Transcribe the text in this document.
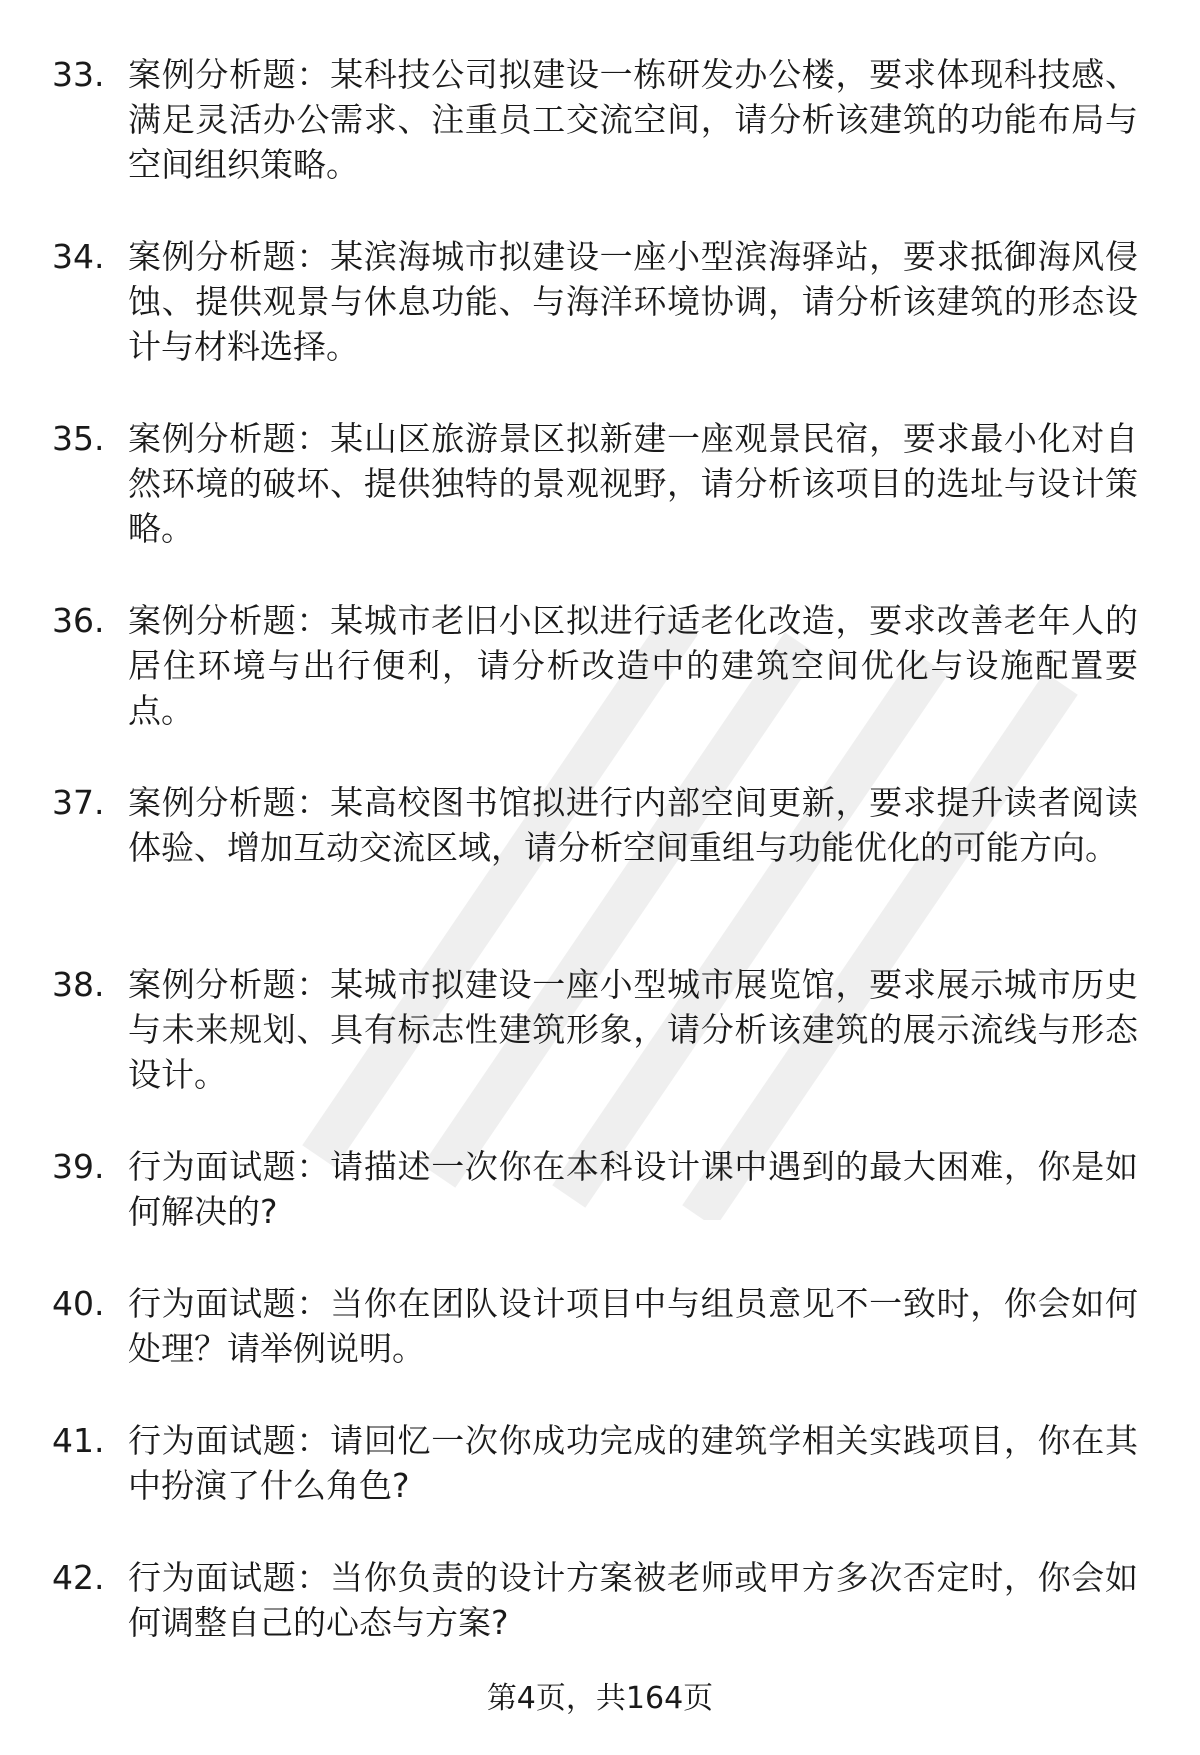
33. 案例分析题：某科技公司拟建设一栋研发办公楼，要求体现科技感、满足灵活办公需求、注重员工交流空间，请分析该建筑的功能布局与空间组织策略。
34. 案例分析题：某滨海城市拟建设一座小型滨海驿站，要求抵御海风侵蚀、提供观景与休息功能、与海洋环境协调，请分析该建筑的形态设计与材料选择。
35. 案例分析题：某山区旅游景区拟新建一座观景民宿，要求最小化对自然环境的破坏、提供独特的景观视野，请分析该项目的选址与设计策略。
36. 案例分析题：某城市老旧小区拟进行适老化改造，要求改善老年人的居住环境与出行便利，请分析改造中的建筑空间优化与设施配置要点。
37. 案例分析题：某高校图书馆拟进行内部空间更新，要求提升读者阅读体验、增加互动交流区域，请分析空间重组与功能优化的可能方向。
38. 案例分析题：某城市拟建设一座小型城市展览馆，要求展示城市历史与未来规划、具有标志性建筑形象，请分析该建筑的展示流线与形态设计。
39. 行为面试题：请描述一次你在本科设计课中遇到的最大困难，你是如何解决的?
40. 行为面试题：当你在团队设计项目中与组员意见不一致时，你会如何处理？请举例说明。
41. 行为面试题：请回忆一次你成功完成的建筑学相关实践项目，你在其中扮演了什么角色?
42. 行为面试题：当你负责的设计方案被老师或甲方多次否定时，你会如何调整自己的心态与方案?
第4页，共164页
